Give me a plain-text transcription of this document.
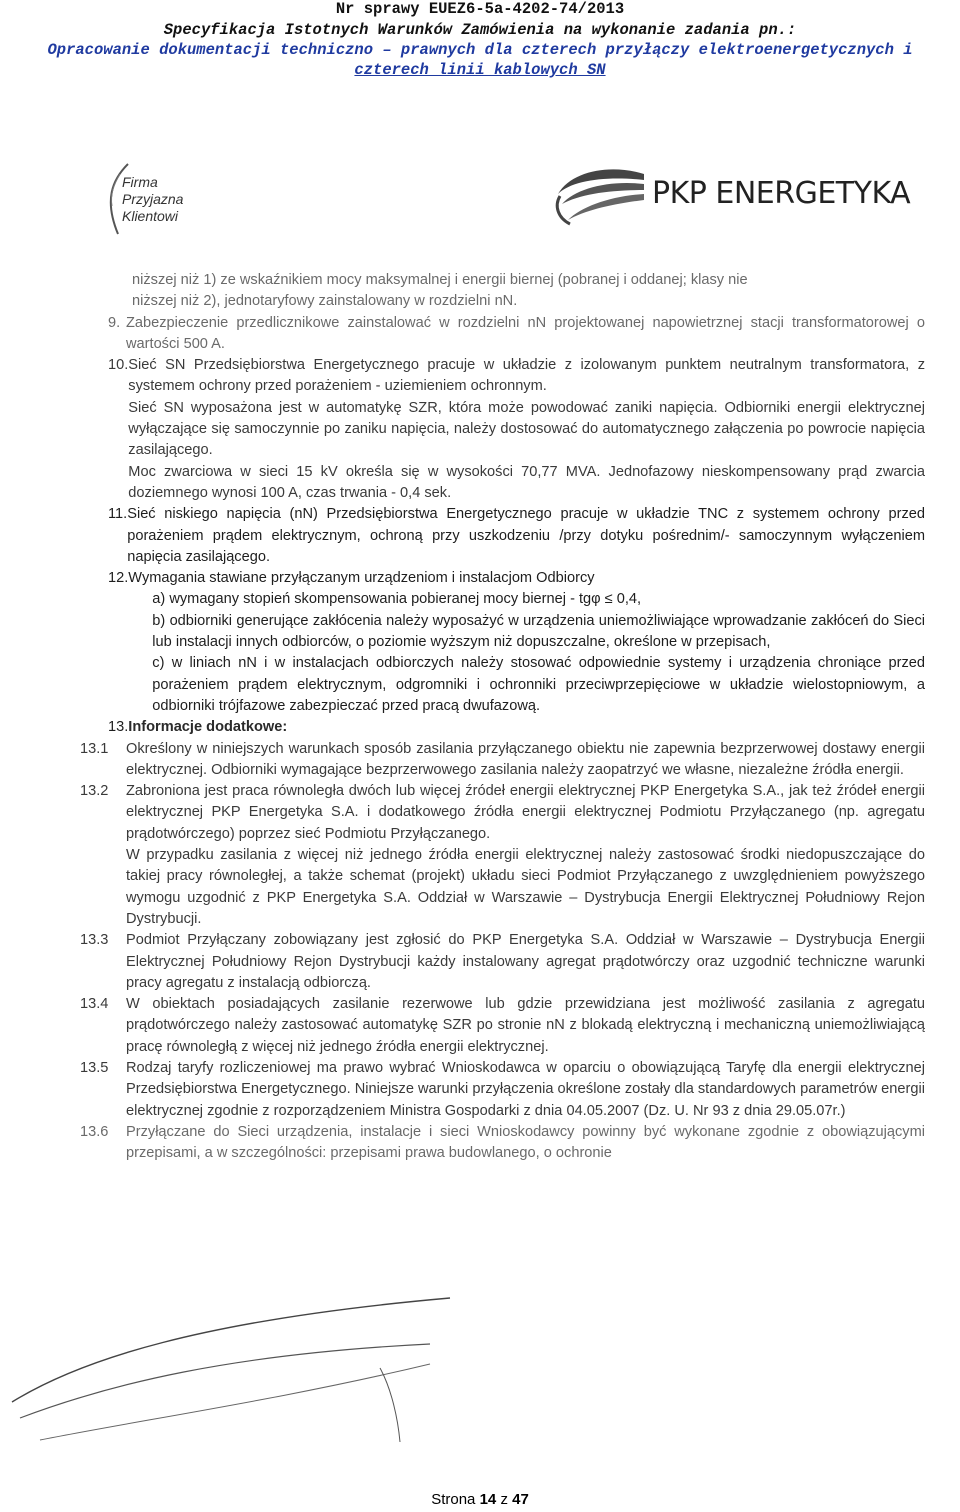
Nr sprawy EUEZ6-5a-4202-74/2013
Specyfikacja Istotnych Warunków Zamówienia na wykonanie zadania pn.:
Opracowanie dokumentacji techniczno – prawnych dla czterech przyłączy elektroenergetycznych i
czterech linii kablowych SN
Firma
Przyjazna
Klientowi
PKP ENERGETYKA

niższej niż 1) ze wskaźnikiem mocy maksymalnej i energii biernej (pobranej i oddanej; klasy nie

niższej niż 2), jednotaryfowy zainstalowany w rozdzielni nN.

9. Zabezpieczenie przedlicznikowe zainstalować w rozdzielni nN projektowanej napowietrznej stacji transformatorowej o wartości 500 A.
10. Sieć SN Przedsiębiorstwa Energetycznego pracuje w układzie z izolowanym punktem neutralnym transformatora, z systemem ochrony przed porażeniem - uziemieniem ochronnym.

Sieć SN wyposażona jest w automatykę SZR, która może powodować zaniki napięcia. Odbiorniki energii elektrycznej wyłączające się samoczynnie po zaniku napięcia, należy dostosować do automatycznego załączenia po powrocie napięcia zasilającego.

Moc zwarciowa w sieci 15 kV określa się w wysokości 70,77 MVA. Jednofazowy nieskompensowany prąd zwarcia doziemnego wynosi 100 A, czas trwania - 0,4 sek.

11. Sieć niskiego napięcia (nN) Przedsiębiorstwa Energetycznego pracuje w układzie TNC z systemem ochrony przed porażeniem prądem elektrycznym, ochroną przy uszkodzeniu /przy dotyku pośrednim/- samoczynnym wyłączeniem napięcia zasilającego.
12. Wymagania stawiane przyłączanym urządzeniom i instalacjom Odbiorcy

a) wymagany stopień skompensowania pobieranej mocy biernej - tgφ ≤ 0,4,

b) odbiorniki generujące zakłócenia należy wyposażyć w urządzenia uniemożliwiające wprowadzanie zakłóceń do Sieci lub instalacji innych odbiorców, o poziomie wyższym niż dopuszczalne, określone w przepisach,

c) w liniach nN i w instalacjach odbiorczych należy stosować odpowiednie systemy i urządzenia chroniące przed porażeniem prądem elektrycznym, odgromniki i ochronniki przeciwprzepięciowe w układzie wielostopniowym, a odbiorniki trójfazowe zabezpieczać przed pracą dwufazową.

13. Informacje dodatkowe:
13.1	Określony w niniejszych warunkach sposób zasilania przyłączanego obiektu nie zapewnia bezprzerwowej dostawy energii elektrycznej. Odbiorniki wymagające bezprzerwowego zasilania należy zaopatrzyć we własne, niezależne źródła energii.
13.2	Zabroniona jest praca równoległa dwóch lub więcej źródeł energii elektrycznej PKP Energetyka S.A., jak też źródeł energii elektrycznej PKP Energetyka S.A. i dodatkowego źródła energii elektrycznej Podmiotu Przyłączanego (np. agregatu prądotwórczego) poprzez sieć Podmiotu Przyłączanego.

W przypadku zasilania z więcej niż jednego źródła energii elektrycznej należy zastosować środki niedopuszczające do takiej pracy równoległej, a także schemat (projekt) układu sieci Podmiot Przyłączanego z uwzględnieniem powyższego wymogu uzgodnić z PKP Energetyka S.A. Oddział w Warszawie – Dystrybucja Energii Elektrycznej Południowy Rejon Dystrybucji.

13.3	Podmiot Przyłączany zobowiązany jest zgłosić do PKP Energetyka S.A. Oddział w Warszawie – Dystrybucja Energii Elektrycznej Południowy Rejon Dystrybucji każdy instalowany agregat prądotwórczy oraz uzgodnić techniczne warunki pracy agregatu z instalacją odbiorczą.
13.4	W obiektach posiadających zasilanie rezerwowe lub gdzie przewidziana jest możliwość zasilania z agregatu prądotwórczego należy zastosować automatykę SZR po stronie nN z blokadą elektryczną i mechaniczną uniemożliwiającą pracę równoległą z więcej niż jednego źródła energii elektrycznej.
13.5	Rodzaj taryfy rozliczeniowej ma prawo wybrać Wnioskodawca w oparciu o obowiązującą Taryfę dla energii elektrycznej Przedsiębiorstwa Energetycznego. Niniejsze warunki przyłączenia określone zostały dla standardowych parametrów energii elektrycznej zgodnie z rozporządzeniem Ministra Gospodarki z dnia 04.05.2007 (Dz. U. Nr 93 z dnia 29.05.07r.)
13.6	Przyłączane do Sieci urządzenia, instalacje i sieci Wnioskodawcy powinny być wykonane zgodnie z obowiązującymi przepisami, a w szczególności: przepisami prawa budowlanego, o ochronie
Strona 14 z 47
